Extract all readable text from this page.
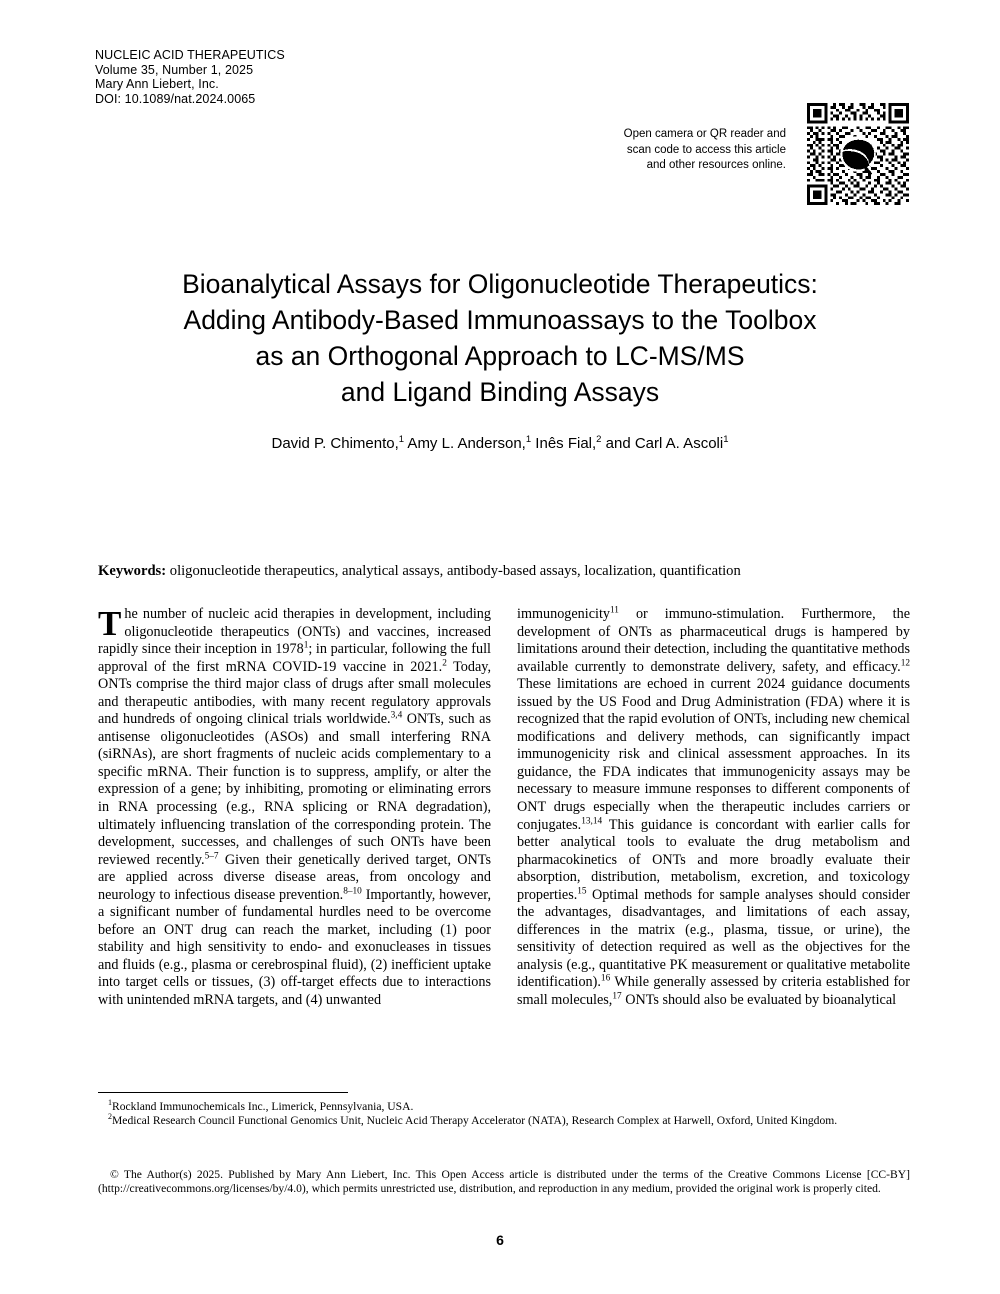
NUCLEIC ACID THERAPEUTICS
Volume 35, Number 1, 2025
Mary Ann Liebert, Inc.
DOI: 10.1089/nat.2024.0065
Open camera or QR reader and
scan code to access this article
and other resources online.
Bioanalytical Assays for Oligonucleotide Therapeutics:
Adding Antibody-Based Immunoassays to the Toolbox
as an Orthogonal Approach to LC-MS/MS
and Ligand Binding Assays
David P. Chimento,$^1$ Amy L. Anderson,$^1$ Inês Fial,$^2$ and Carl A. Ascoli$^1$
Keywords: oligonucleotide therapeutics, analytical assays, antibody-based assays, localization, quantification

The number of nucleic acid therapies in development, including oligonucleotide therapeutics (ONTs) and vaccines, increased rapidly since their inception in 1978$^1$; in particular, following the full approval of the first mRNA COVID-19 vaccine in 2021.$^2$ Today, ONTs comprise the third major class of drugs after small molecules and therapeutic antibodies, with many recent regulatory approvals and hundreds of ongoing clinical trials worldwide.$^{3,4}$ ONTs, such as antisense oligonucleotides (ASOs) and small interfering RNA (siRNAs), are short fragments of nucleic acids complementary to a specific mRNA. Their function is to suppress, amplify, or alter the expression of a gene; by inhibiting, promoting or eliminating errors in RNA processing (e.g., RNA splicing or RNA degradation), ultimately influencing translation of the corresponding protein. The development, successes, and challenges of such ONTs have been reviewed recently.$^{5-7}$ Given their genetically derived target, ONTs are applied across diverse disease areas, from oncology and neurology to infectious disease prevention.$^{8-10}$ Importantly, however, a significant number of fundamental hurdles need to be overcome before an ONT drug can reach the market, including (1) poor stability and high sensitivity to endo- and exonucleases in tissues and fluids (e.g., plasma or cerebrospinal fluid), (2) inefficient uptake into target cells or tissues, (3) off-target effects due to interactions with unintended mRNA targets, and (4) unwanted

immunogenicity$^{11}$ or immuno-stimulation. Furthermore, the development of ONTs as pharmaceutical drugs is hampered by limitations around their detection, including the quantitative methods available currently to demonstrate delivery, safety, and efficacy.$^{12}$ These limitations are echoed in current 2024 guidance documents issued by the US Food and Drug Administration (FDA) where it is recognized that the rapid evolution of ONTs, including new chemical modifications and delivery methods, can significantly impact immunogenicity risk and clinical assessment approaches. In its guidance, the FDA indicates that immunogenicity assays may be necessary to measure immune responses to different components of ONT drugs especially when the therapeutic includes carriers or conjugates.$^{13,14}$ This guidance is concordant with earlier calls for better analytical tools to evaluate the drug metabolism and pharmacokinetics of ONTs and more broadly evaluate their absorption, distribution, metabolism, excretion, and toxicology properties.$^{15}$ Optimal methods for sample analyses should consider the advantages, disadvantages, and limitations of each assay, differences in the matrix (e.g., plasma, tissue, or urine), the sensitivity of detection required as well as the objectives for the analysis (e.g., quantitative PK measurement or qualitative metabolite identification).$^{16}$ While generally assessed by criteria established for small molecules,$^{17}$ ONTs should also be evaluated by bioanalytical

$^1$Rockland Immunochemicals Inc., Limerick, Pennsylvania, USA.

$^2$Medical Research Council Functional Genomics Unit, Nucleic Acid Therapy Accelerator (NATA), Research Complex at Harwell, Oxford, United Kingdom.

© The Author(s) 2025. Published by Mary Ann Liebert, Inc. This Open Access article is distributed under the terms of the Creative Commons License [CC-BY] (http://creativecommons.org/licenses/by/4.0), which permits unrestricted use, distribution, and reproduction in any medium, provided the original work is properly cited.

6
